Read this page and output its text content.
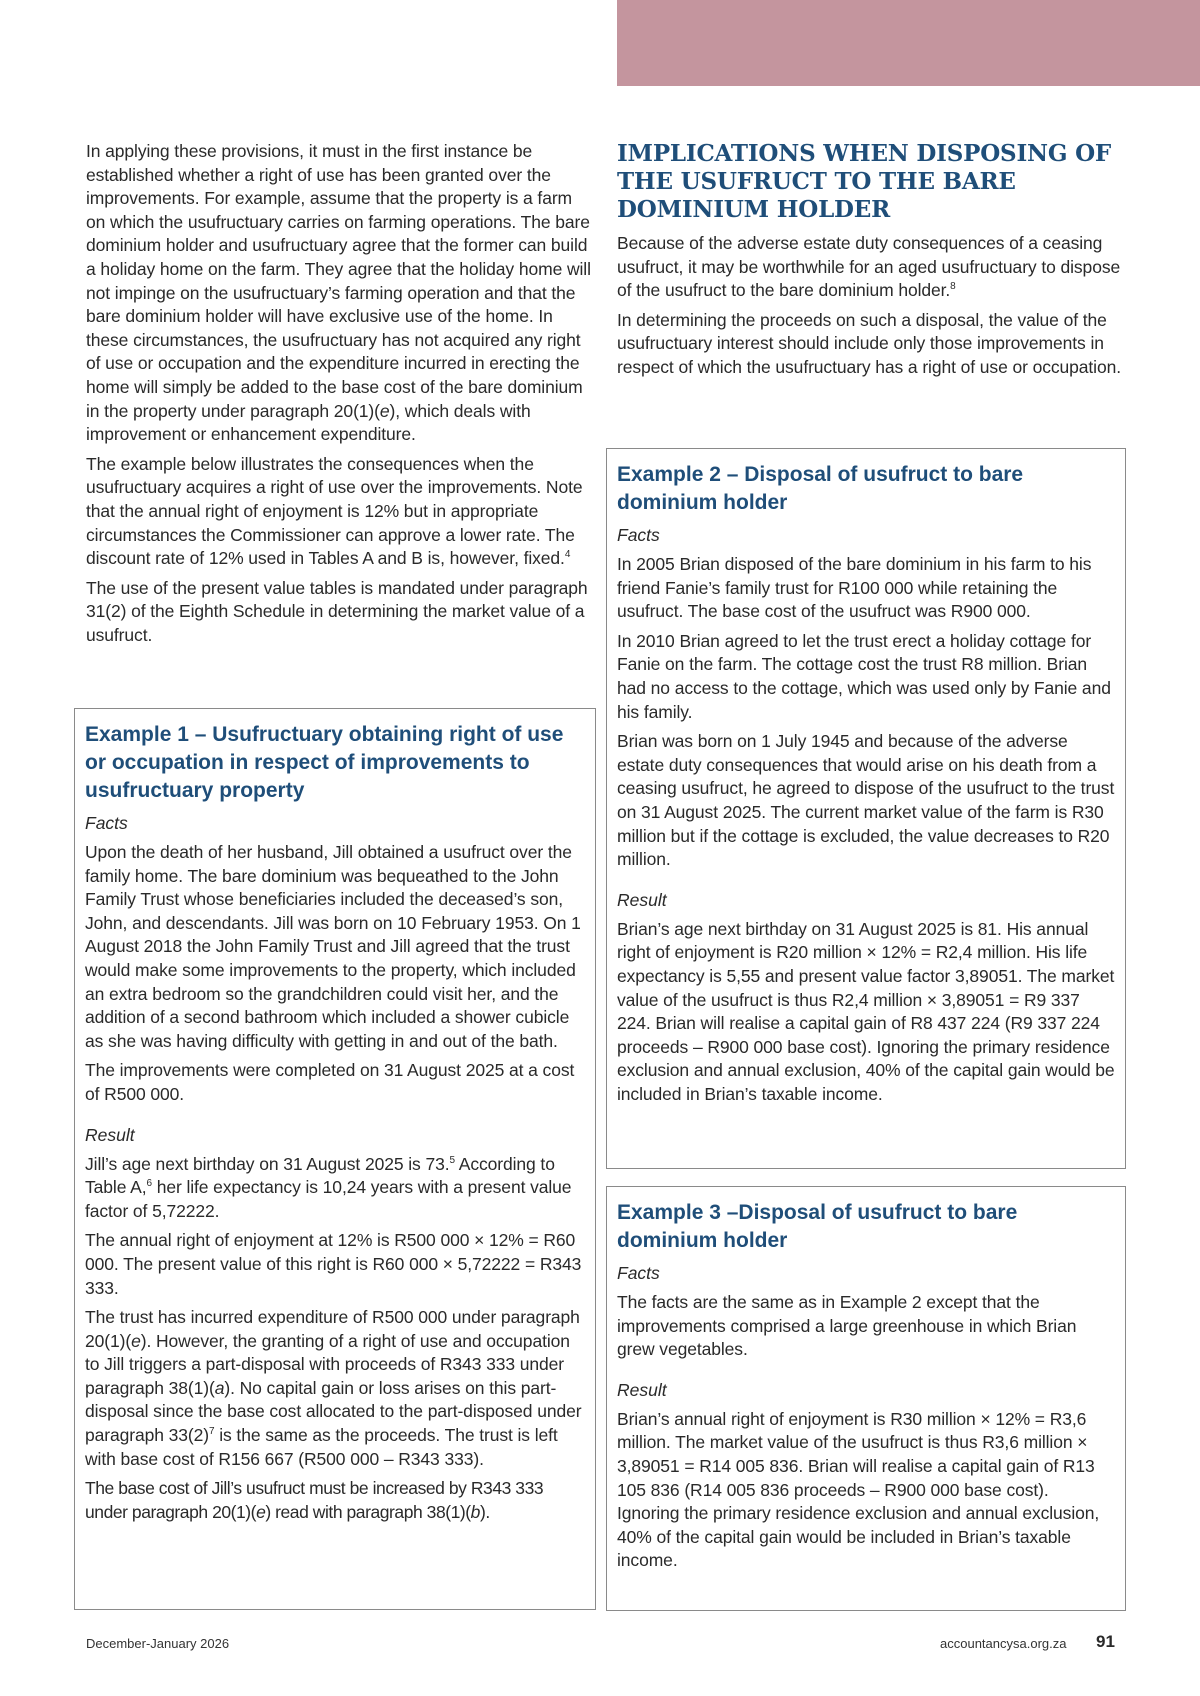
In applying these provisions, it must in the first instance be established whether a right of use has been granted over the improvements. For example, assume that the property is a farm on which the usufructuary carries on farming operations. The bare dominium holder and usufructuary agree that the former can build a holiday home on the farm. They agree that the holiday home will not impinge on the usufructuary’s farming operation and that the bare dominium holder will have exclusive use of the home. In these circumstances, the usufructuary has not acquired any right of use or occupation and the expenditure incurred in erecting the home will simply be added to the base cost of the bare dominium in the property under paragraph 20(1)(e), which deals with improvement or enhancement expenditure.

The example below illustrates the consequences when the usufructuary acquires a right of use over the improvements. Note that the annual right of enjoyment is 12% but in appropriate circumstances the Commissioner can approve a lower rate. The discount rate of 12% used in Tables A and B is, however, fixed.$^4$

The use of the present value tables is mandated under paragraph 31(2) of the Eighth Schedule in determining the market value of a usufruct.

Example 1 – Usufructuary obtaining right of use or occupation in respect of improvements to usufructuary property
Facts

Upon the death of her husband, Jill obtained a usufruct over the family home. The bare dominium was bequeathed to the John Family Trust whose beneficiaries included the deceased’s son, John, and descendants. Jill was born on 10 February 1953. On 1 August 2018 the John Family Trust and Jill agreed that the trust would make some improvements to the property, which included an extra bedroom so the grandchildren could visit her, and the addition of a second bathroom which included a shower cubicle as she was having difficulty with getting in and out of the bath.

The improvements were completed on 31 August 2025 at a cost of R500 000.

Result

Jill’s age next birthday on 31 August 2025 is 73.$^5$ According to Table A,$^6$ her life expectancy is 10,24 years with a present value factor of 5,72222.

The annual right of enjoyment at 12% is R500 000 × 12% = R60 000. The present value of this right is R60 000 × 5,72222 = R343 333.

The trust has incurred expenditure of R500 000 under paragraph 20(1)(e). However, the granting of a right of use and occupation to Jill triggers a part-disposal with proceeds of R343 333 under paragraph 38(1)(a). No capital gain or loss arises on this part-disposal since the base cost allocated to the part-disposed under paragraph $33(2)^7$ is the same as the proceeds. The trust is left with base cost of R156 667 (R500 000 – R343 333).

The base cost of Jill’s usufruct must be increased by R343 333 under paragraph 20(1)(e) read with paragraph 38(1)(b).

IMPLICATIONS WHEN DISPOSING OF THE USUFRUCT TO THE BARE DOMINIUM HOLDER

Because of the adverse estate duty consequences of a ceasing usufruct, it may be worthwhile for an aged usufructuary to dispose of the usufruct to the bare dominium holder.$^8$

In determining the proceeds on such a disposal, the value of the usufructuary interest should include only those improvements in respect of which the usufructuary has a right of use or occupation.

Example 2 – Disposal of usufruct to bare dominium holder
Facts

In 2005 Brian disposed of the bare dominium in his farm to his friend Fanie’s family trust for R100 000 while retaining the usufruct. The base cost of the usufruct was R900 000.

In 2010 Brian agreed to let the trust erect a holiday cottage for Fanie on the farm. The cottage cost the trust R8 million. Brian had no access to the cottage, which was used only by Fanie and his family.

Brian was born on 1 July 1945 and because of the adverse estate duty consequences that would arise on his death from a ceasing usufruct, he agreed to dispose of the usufruct to the trust on 31 August 2025. The current market value of the farm is R30 million but if the cottage is excluded, the value decreases to R20 million.

Result

Brian’s age next birthday on 31 August 2025 is 81. His annual right of enjoyment is R20 million × 12% = R2,4 million. His life expectancy is 5,55 and present value factor 3,89051. The market value of the usufruct is thus R2,4 million × 3,89051 = R9 337 224. Brian will realise a capital gain of R8 437 224 (R9 337 224 proceeds – R900 000 base cost). Ignoring the primary residence exclusion and annual exclusion, 40% of the capital gain would be included in Brian’s taxable income.

Example 3 –Disposal of usufruct to bare dominium holder
Facts

The facts are the same as in Example 2 except that the improvements comprised a large greenhouse in which Brian grew vegetables.

Result

Brian’s annual right of enjoyment is R30 million × 12% = R3,6 million. The market value of the usufruct is thus R3,6 million × 3,89051 = R14 005 836. Brian will realise a capital gain of R13 105 836 (R14 005 836 proceeds – R900 000 base cost). Ignoring the primary residence exclusion and annual exclusion, 40% of the capital gain would be included in Brian’s taxable income.

December-January 2026	accountancysa.org.za 91
